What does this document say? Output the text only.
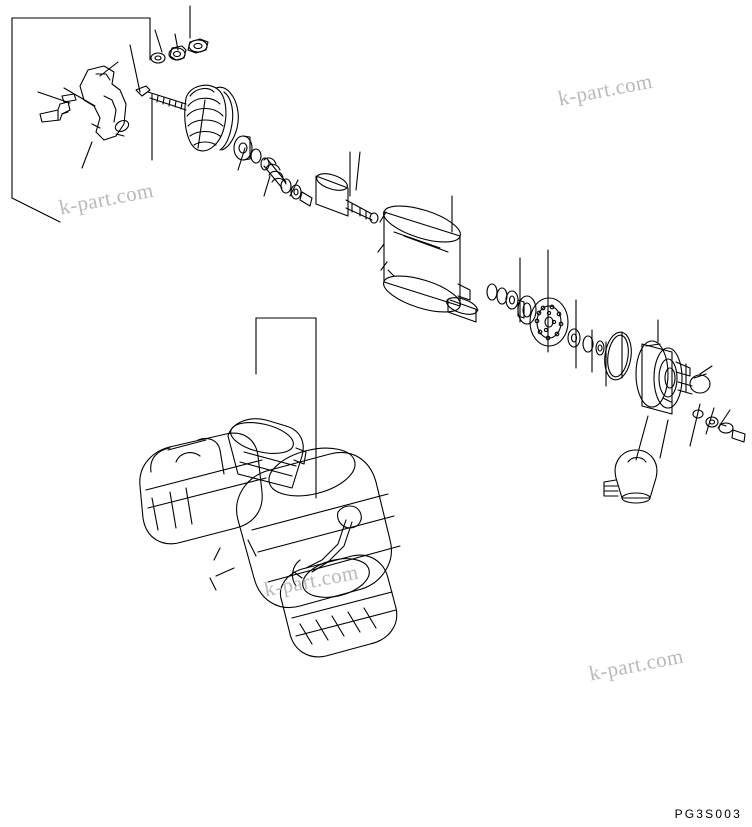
k-part.com
k-part.com
k-part.com
k-part.com
PG3S003
